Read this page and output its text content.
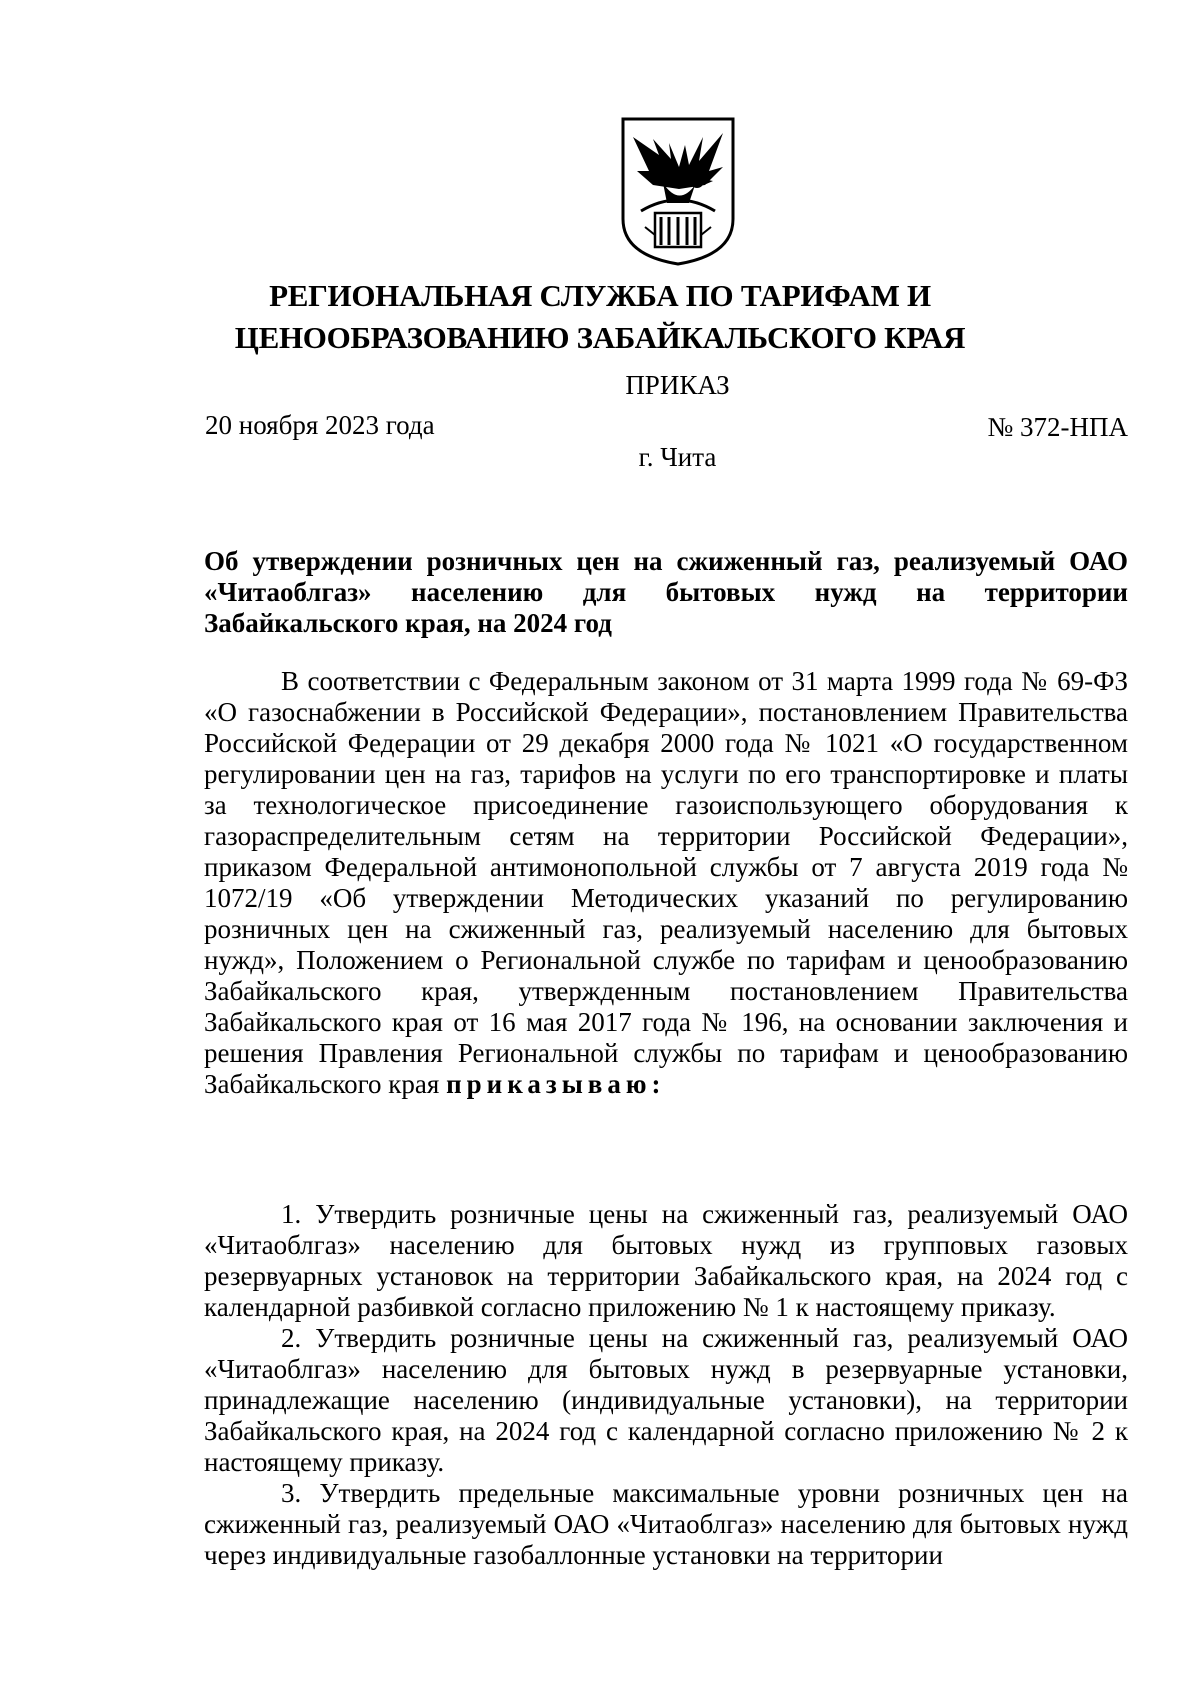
РЕГИОНАЛЬНАЯ СЛУЖБА ПО ТАРИФАМ И
ЦЕНООБРАЗОВАНИЮ ЗАБАЙКАЛЬСКОГО КРАЯ
ПРИКАЗ
20 ноября 2023 года	№ 372-НПА
г. Чита
Об утверждении розничных цен на сжиженный газ, реализуемый ОАО «Читаоблгаз» населению для бытовых нужд на территории Забайкальского края, на 2024 год
В соответствии с Федеральным законом от 31 марта 1999 года № 69-ФЗ «О газоснабжении в Российской Федерации», постановлением Правительства Российской Федерации от 29 декабря 2000 года № 1021 «О государственном регулировании цен на газ, тарифов на услуги по его транспортировке и платы за технологическое присоединение газоиспользующего оборудования к газораспределительным сетям на территории Российской Федерации», приказом Федеральной антимонопольной службы от 7 августа 2019 года № 1072/19 «Об утверждении Методических указаний по регулированию розничных цен на сжиженный газ, реализуемый населению для бытовых нужд», Положением о Региональной службе по тарифам и ценообразованию Забайкальского края, утвержденным постановлением Правительства Забайкальского края от 16 мая 2017 года № 196, на основании заключения и решения Правления Региональной службы по тарифам и ценообразованию Забайкальского края приказываю:

1. Утвердить розничные цены на сжиженный газ, реализуемый ОАО «Читаоблгаз» населению для бытовых нужд из групповых газовых резервуарных установок на территории Забайкальского края, на 2024 год с календарной разбивкой согласно приложению № 1 к настоящему приказу.

2. Утвердить розничные цены на сжиженный газ, реализуемый ОАО «Читаоблгаз» населению для бытовых нужд в резервуарные установки, принадлежащие населению (индивидуальные установки), на территории Забайкальского края, на 2024 год с календарной согласно приложению № 2 к настоящему приказу.

3. Утвердить предельные максимальные уровни розничных цен на сжиженный газ, реализуемый ОАО «Читаоблгаз» населению для бытовых нужд через индивидуальные газобаллонные установки на территории
